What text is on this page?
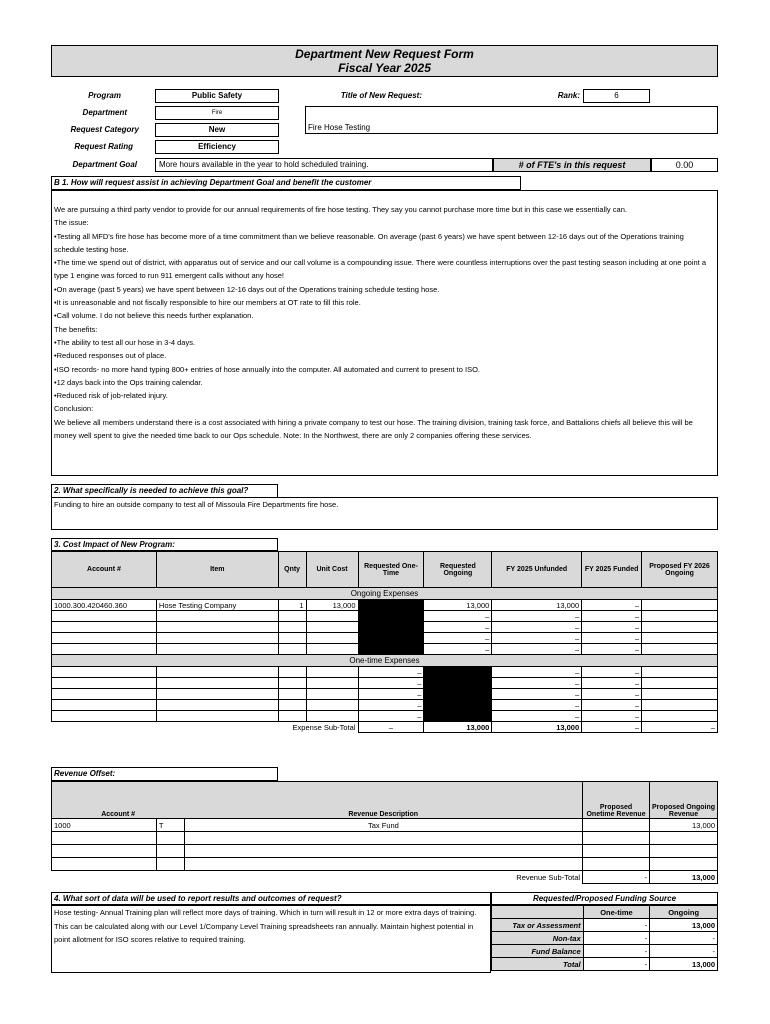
Department New Request Form
Fiscal Year 2025
Program	Public Safety
Department	Fire
Request Category	New
Request Rating	Efficiency
Department Goal	More hours available in the year to hold scheduled training.
Title of New Request:	Rank:	6
Fire Hose Testing
# of FTE's in this request	0.00
B 1. How will request assist in achieving Department Goal and benefit the customer

We are pursuing a third party vendor to provide for our annual requirements of fire hose testing. They say you cannot purchase more time but in this case we essentially can.

The issue:

•Testing all MFD's fire hose has become more of a time commitment than we believe reasonable. On average (past 6 years) we have spent between 12-16 days out of the Operations training schedule testing hose.

•The time we spend out of district, with apparatus out of service and our call volume is a compounding issue. There were countless interruptions over the past testing season including at one point a type 1 engine was forced to run 911 emergent calls without any hose!

•On average (past 5 years) we have spent between 12-16 days out of the Operations training schedule testing hose.

•It is unreasonable and not fiscally responsible to hire our members at OT rate to fill this role.

•Call volume. I do not believe this needs further explanation.

The benefits:

•The ability to test all our hose in 3-4 days.

•Reduced responses out of place.

•ISO records- no more hand typing 800+ entries of hose annually into the computer. All automated and current to present to ISO.

•12 days back into the Ops training calendar.

•Reduced risk of job-related injury.

Conclusion:

We believe all members understand there is a cost associated with hiring a private company to test our hose. The training division, training task force, and Battalions chiefs all believe this will be money well spent to give the needed time back to our Ops schedule. Note: In the Northwest, there are only 2 companies offering these services.

2. What specifically is needed to achieve this goal?
Funding to hire an outside company to test all of Missoula Fire Departments fire hose.
3. Cost Impact of New Program:
Account #	Item	Qnty	Unit Cost	Requested One-Time	Requested Ongoing	FY 2025 Unfunded	FY 2025 Funded	Proposed FY 2026 Ongoing
Ongoing Expenses								
1000.300.420460.360	Hose Testing Company	1	13,000		13,000	13,000	–	
					–	–	–	
					–	–	–	
					–	–	–	
					–	–	–	
One-time Expenses								
				–		–	–	
				–		–	–	
				–		–	–	
				–		–	–	
				–		–	–	
Expense Sub-Total				–	13,000	13,000	–	–
Revenue Offset:
Account #		Revenue Description	Proposed Onetime Revenue	Proposed Ongoing Revenue
1000	T	Tax Fund		13,000

Revenue Sub-Total			-	13,000
4. What sort of data will be used to report results and outcomes of request?
Hose testing- Annual Training plan will reflect more days of training. Which in turn will result in 12 or more extra days of training. This can be calculated along with our Level 1/Company Level Training spreadsheets ran annually. Maintain highest potential in point allotment for ISO scores relative to required training.
Requested/Proposed Funding Source
	One-time	Ongoing
Tax or Assessment	-	13,000
Non-tax	-	-
Fund Balance	-	-
Total	-	13,000
